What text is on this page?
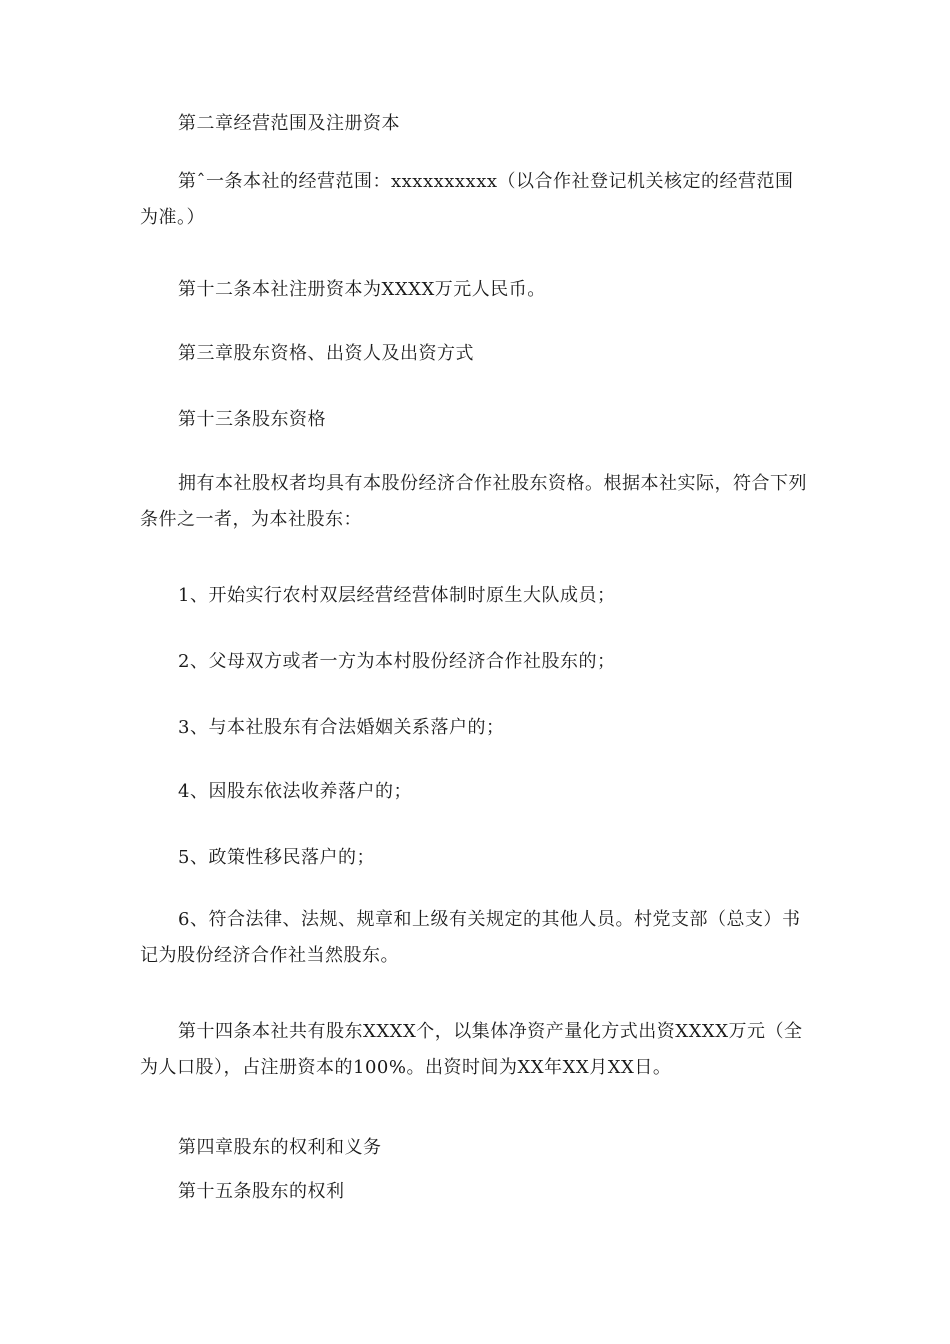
第二章经营范围及注册资本

第ˆ一条本社的经营范围：xxxxxxxxxx（以合作社登记机关核定的经营范围为准。）

第十二条本社注册资本为XXXX万元人民币。

第三章股东资格、出资人及出资方式

第十三条股东资格

拥有本社股权者均具有本股份经济合作社股东资格。根据本社实际，符合下列条件之一者，为本社股东：

1、开始实行农村双层经营经营体制时原生大队成员；

2、父母双方或者一方为本村股份经济合作社股东的；

3、与本社股东有合法婚姻关系落户的；

4、因股东依法收养落户的；

5、政策性移民落户的；

6、符合法律、法规、规章和上级有关规定的其他人员。村党支部（总支）书记为股份经济合作社当然股东。

第十四条本社共有股东XXXX个，以集体净资产量化方式出资XXXX万元（全为人口股），占注册资本的100%。出资时间为XX年XX月XX日。

第四章股东的权利和义务

第十五条股东的权利
